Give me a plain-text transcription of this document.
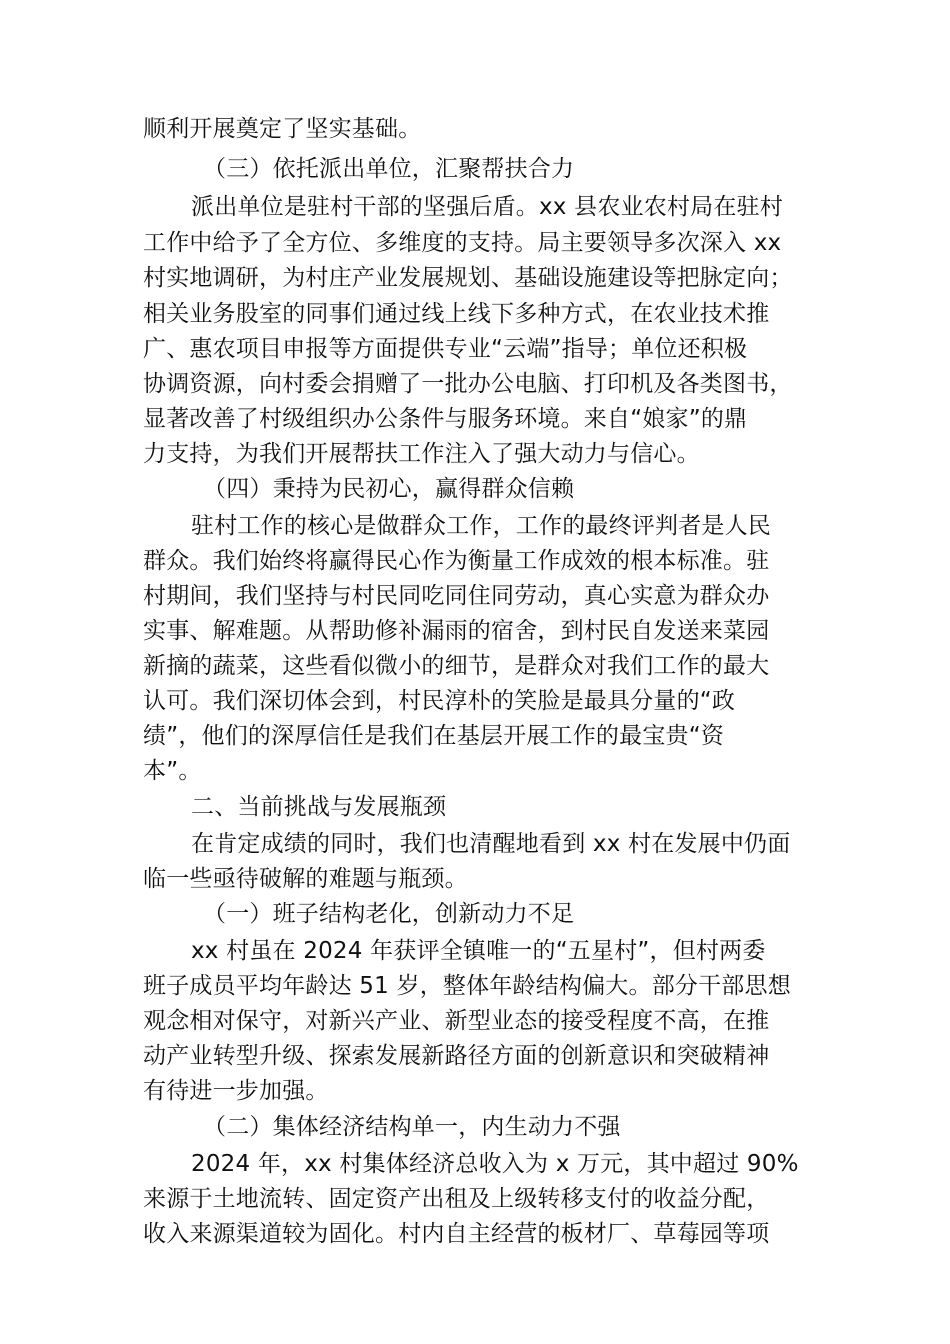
顺利开展奠定了坚实基础。
（三）依托派出单位，汇聚帮扶合力
派出单位是驻村干部的坚强后盾。xx 县农业农村局在驻村
工作中给予了全方位、多维度的支持。局主要领导多次深入 xx
村实地调研，为村庄产业发展规划、基础设施建设等把脉定向；
相关业务股室的同事们通过线上线下多种方式，在农业技术推
广、惠农项目申报等方面提供专业“云端”指导；单位还积极
协调资源，向村委会捐赠了一批办公电脑、打印机及各类图书，
显著改善了村级组织办公条件与服务环境。来自“娘家”的鼎
力支持，为我们开展帮扶工作注入了强大动力与信心。
（四）秉持为民初心，赢得群众信赖
驻村工作的核心是做群众工作，工作的最终评判者是人民
群众。我们始终将赢得民心作为衡量工作成效的根本标准。驻
村期间，我们坚持与村民同吃同住同劳动，真心实意为群众办
实事、解难题。从帮助修补漏雨的宿舍，到村民自发送来菜园
新摘的蔬菜，这些看似微小的细节，是群众对我们工作的最大
认可。我们深切体会到，村民淳朴的笑脸是最具分量的“政
绩”，他们的深厚信任是我们在基层开展工作的最宝贵“资
本”。
二、当前挑战与发展瓶颈
在肯定成绩的同时，我们也清醒地看到 xx 村在发展中仍面
临一些亟待破解的难题与瓶颈。
（一）班子结构老化，创新动力不足
xx 村虽在 2024 年获评全镇唯一的“五星村”，但村两委
班子成员平均年龄达 51 岁，整体年龄结构偏大。部分干部思想
观念相对保守，对新兴产业、新型业态的接受程度不高，在推
动产业转型升级、探索发展新路径方面的创新意识和突破精神
有待进一步加强。
（二）集体经济结构单一，内生动力不强
2024 年，xx 村集体经济总收入为 x 万元，其中超过 90%
来源于土地流转、固定资产出租及上级转移支付的收益分配，
收入来源渠道较为固化。村内自主经营的板材厂、草莓园等项
